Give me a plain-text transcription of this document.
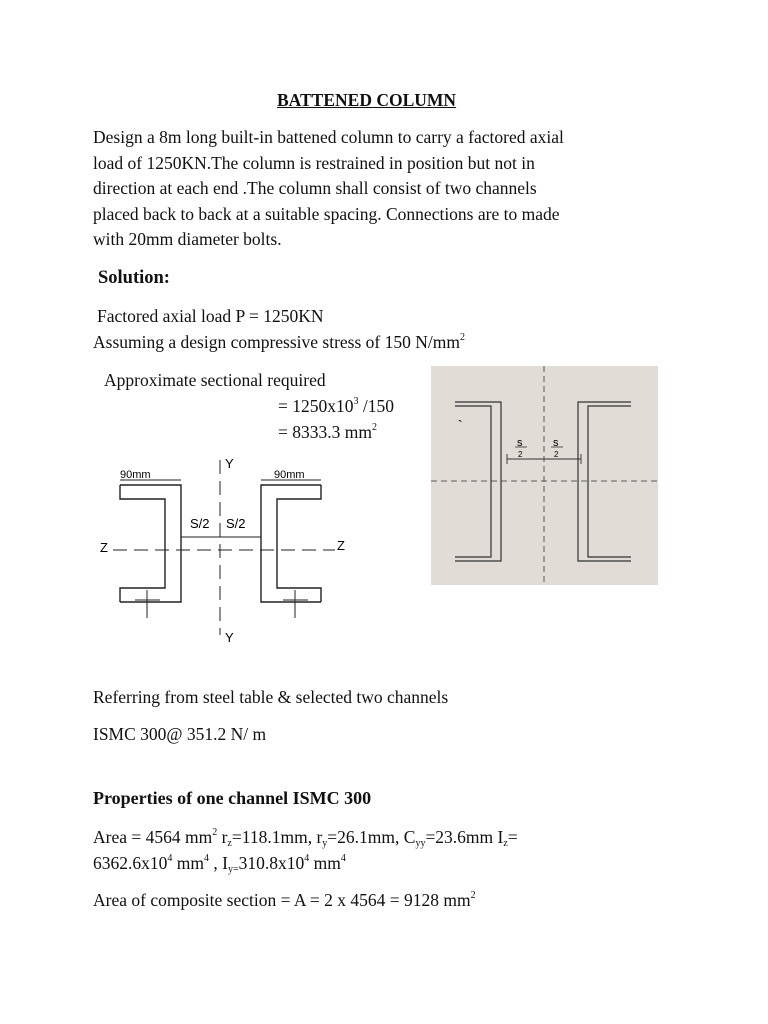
BATTENED COLUMN
Design a 8m long built-in battened column to carry a factored axial
load of 1250KN.The column is restrained in position but not in
direction at each end .The column shall consist of two channels
placed back to back at a suitable spacing. Connections are to made
with 20mm diameter bolts.
Solution:
Factored axial load P = 1250KN
Assuming a design compressive stress of 150 $N/mm^2$
Approximate sectional required
= $1250x10^3$ /150
= 8333.3 $mm^2$
90mm	90mm
Y
Y
Z	Z
S/2 S/2
s	s
2	2
`
Referring from steel table & selected two channels
ISMC 300@ 351.2 N/ m
Properties of one channel ISMC 300
Area = 4564 $mm^2$ $r_z=118.1mm$, $r_y=26.1mm$, $C_{yy}=23.6mm$ $I_z=$
$6362.6x10^4$ $mm^4$ , $I_{y=}310.8x10^4$ $mm^4$
Area of composite section = A = 2 x 4564 = 9128 $mm^2$
